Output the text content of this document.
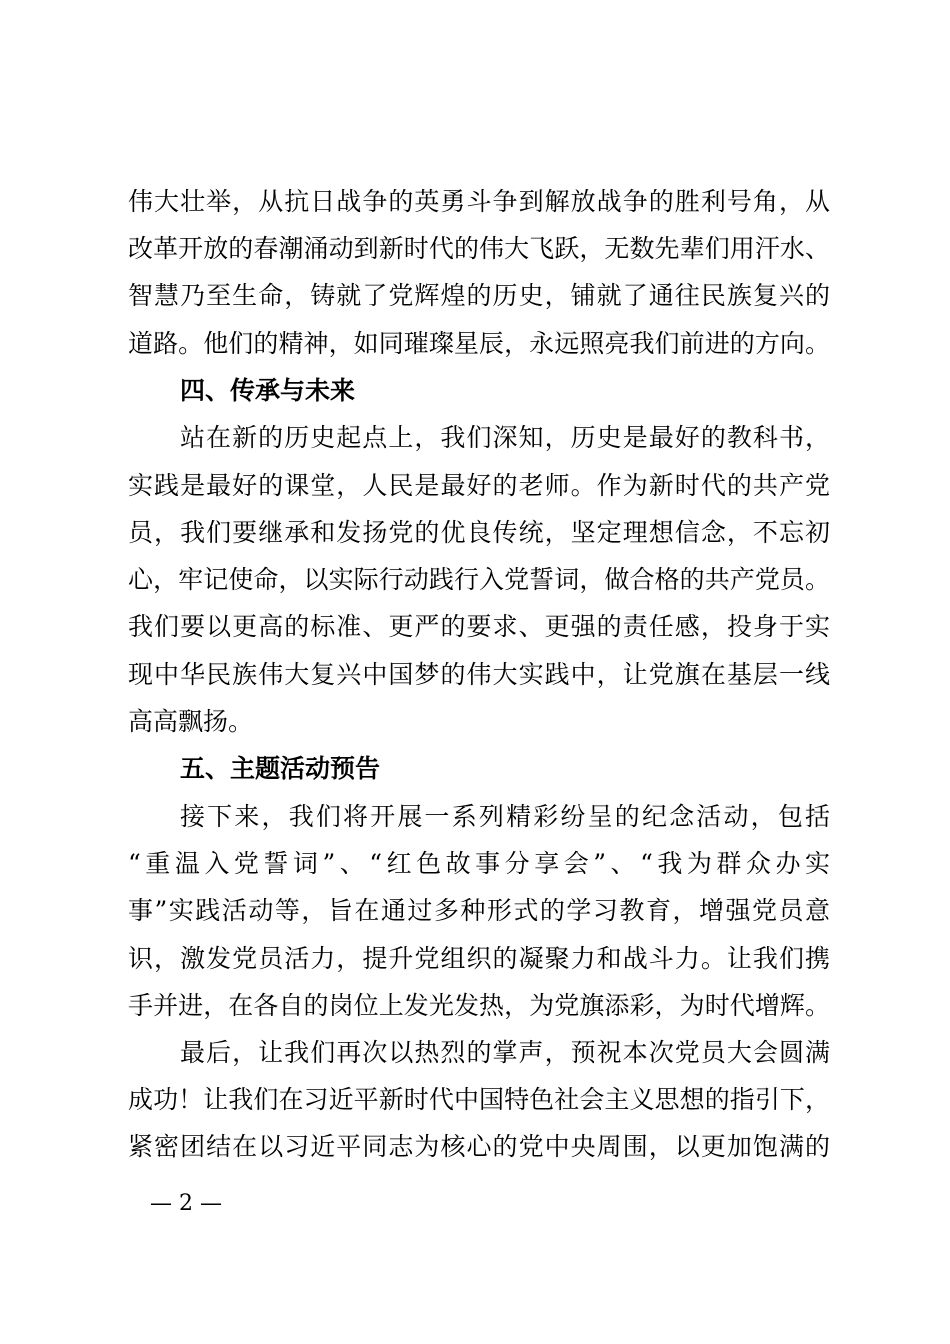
伟大壮举，从抗日战争的英勇斗争到解放战争的胜利号角，从
改革开放的春潮涌动到新时代的伟大飞跃，无数先辈们用汗水、
智慧乃至生命，铸就了党辉煌的历史，铺就了通往民族复兴的
道路。他们的精神，如同璀璨星辰，永远照亮我们前进的方向。
四、传承与未来
站在新的历史起点上，我们深知，历史是最好的教科书，
实践是最好的课堂，人民是最好的老师。作为新时代的共产党
员，我们要继承和发扬党的优良传统，坚定理想信念，不忘初
心，牢记使命，以实际行动践行入党誓词，做合格的共产党员。
我们要以更高的标准、更严的要求、更强的责任感，投身于实
现中华民族伟大复兴中国梦的伟大实践中，让党旗在基层一线
高高飘扬。
五、主题活动预告
接下来，我们将开展一系列精彩纷呈的纪念活动，包括
“重温入党誓词”、“红色故事分享会”、“我为群众办实
事”实践活动等，旨在通过多种形式的学习教育，增强党员意
识，激发党员活力，提升党组织的凝聚力和战斗力。让我们携
手并进，在各自的岗位上发光发热，为党旗添彩，为时代增辉。
最后，让我们再次以热烈的掌声，预祝本次党员大会圆满
成功！让我们在习近平新时代中国特色社会主义思想的指引下，
紧密团结在以习近平同志为核心的党中央周围，以更加饱满的
— 2 —
